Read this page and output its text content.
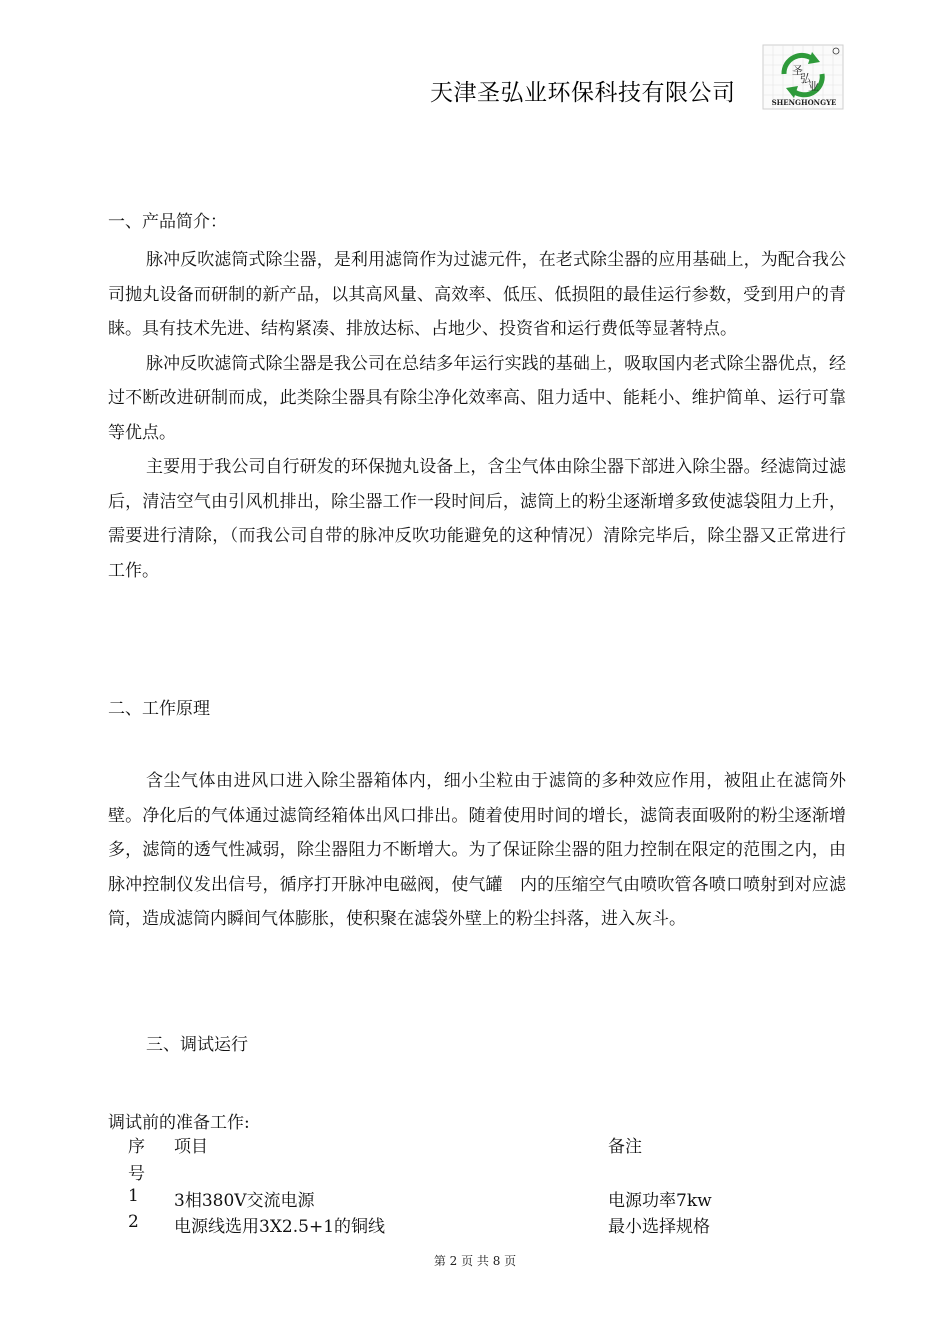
天津圣弘业环保科技有限公司
圣
弘
业
SHENGHONGYE
一、产品简介：

脉冲反吹滤筒式除尘器，是利用滤筒作为过滤元件，在老式除尘器的应用基础上，为配合我公司抛丸设备而研制的新产品，以其高风量、高效率、低压、低损阻的最佳运行参数，受到用户的青睐。具有技术先进、结构紧凑、排放达标、占地少、投资省和运行费低等显著特点。

脉冲反吹滤筒式除尘器是我公司在总结多年运行实践的基础上，吸取国内老式除尘器优点，经过不断改进研制而成，此类除尘器具有除尘净化效率高、阻力适中、能耗小、维护简单、运行可靠等优点。

主要用于我公司自行研发的环保抛丸设备上，含尘气体由除尘器下部进入除尘器。经滤筒过滤后，清洁空气由引风机排出，除尘器工作一段时间后，滤筒上的粉尘逐渐增多致使滤袋阻力上升，需要进行清除，（而我公司自带的脉冲反吹功能避免的这种情况）清除完毕后，除尘器又正常进行工作。

二、工作原理

含尘气体由进风口进入除尘器箱体内，细小尘粒由于滤筒的多种效应作用，被阻止在滤筒外壁。净化后的气体通过滤筒经箱体出风口排出。随着使用时间的增长，滤筒表面吸附的粉尘逐渐增多，滤筒的透气性减弱，除尘器阻力不断增大。为了保证除尘器的阻力控制在限定的范围之内，由脉冲控制仪发出信号，循序打开脉冲电磁阀，使气罐　内的压缩空气由喷吹管各喷口喷射到对应滤筒，造成滤筒内瞬间气体膨胀，使积聚在滤袋外壁上的粉尘抖落，进入灰斗。

三、调试运行
调试前的准备工作:
序
号
项目	备注
1	3相380V交流电源	电源功率7kw
2	电源线选用3X2.5+1的铜线	最小选择规格
第 2 页 共 8 页
